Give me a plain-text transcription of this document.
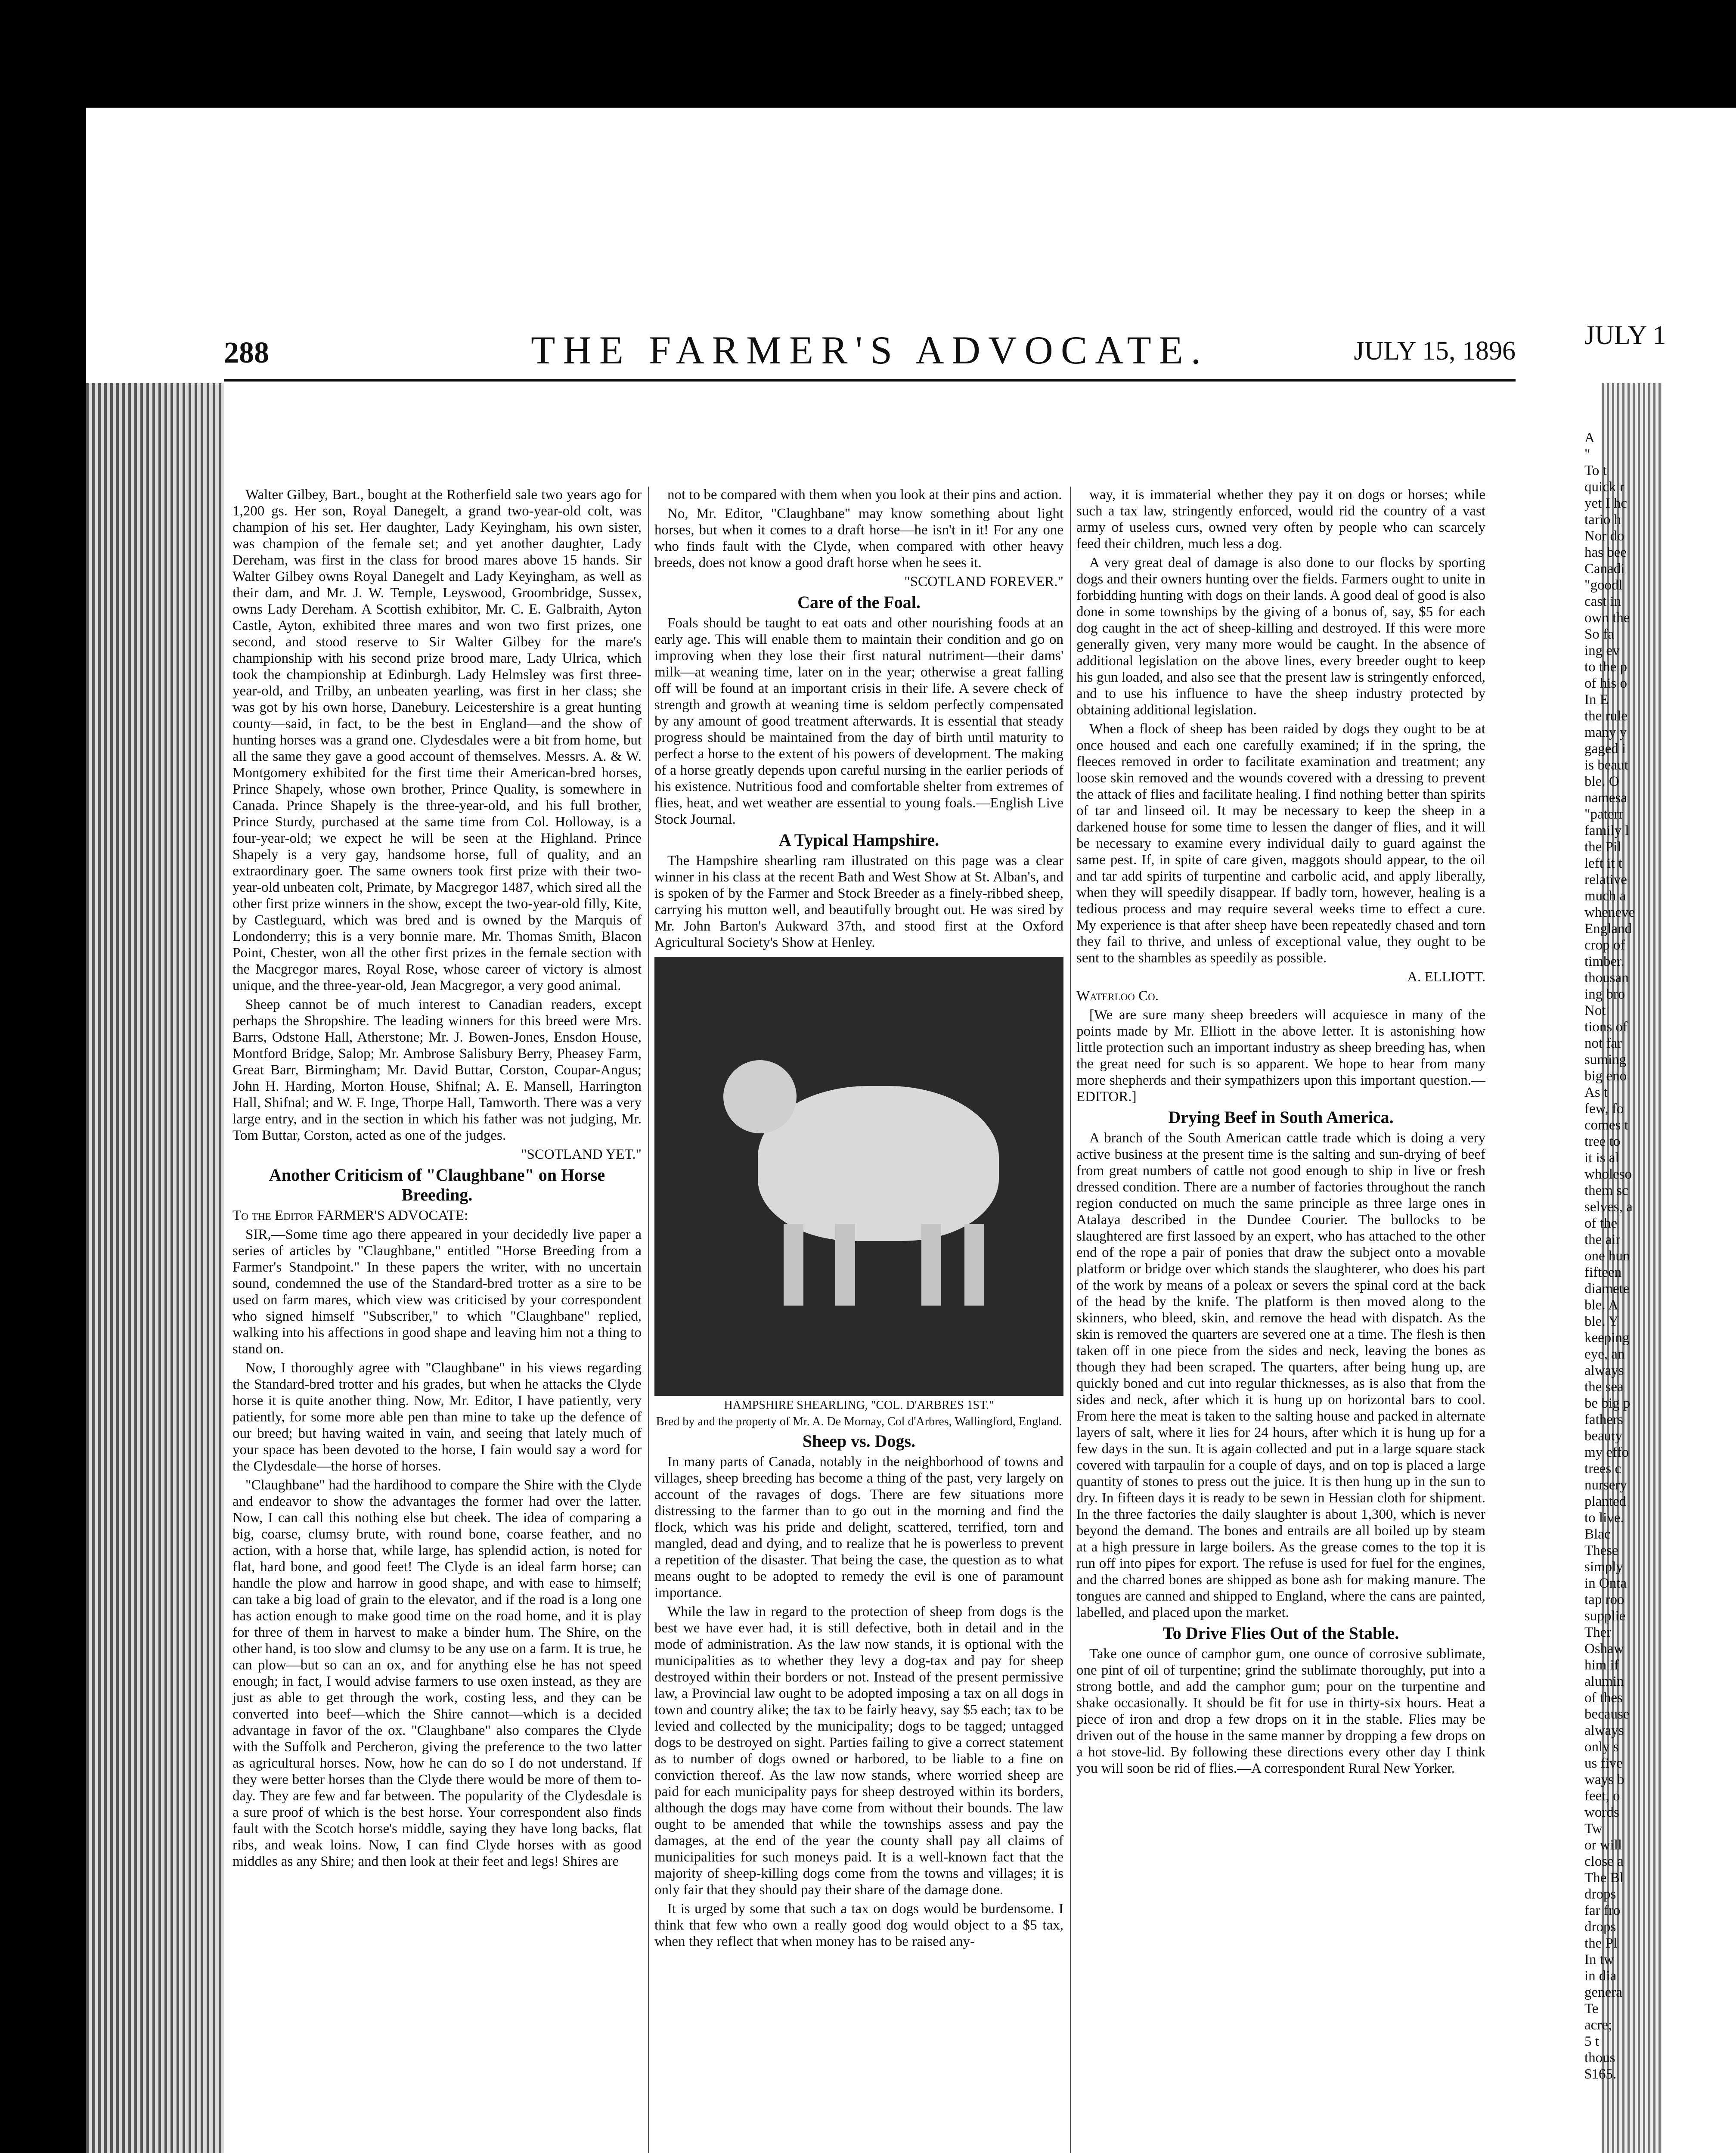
288	THE FARMER'S ADVOCATE.	JULY 15, 1896

Walter Gilbey, Bart., bought at the Rotherfield sale two years ago for 1,200 gs. Her son, Royal Danegelt, a grand two-year-old colt, was champion of his set. Her daughter, Lady Keyingham, his own sister, was champion of the female set; and yet another daughter, Lady Dereham, was first in the class for brood mares above 15 hands. Sir Walter Gilbey owns Royal Danegelt and Lady Keyingham, as well as their dam, and Mr. J. W. Temple, Leyswood, Groombridge, Sussex, owns Lady Dereham. A Scottish exhibitor, Mr. C. E. Galbraith, Ayton Castle, Ayton, exhibited three mares and won two first prizes, one second, and stood reserve to Sir Walter Gilbey for the mare's championship with his second prize brood mare, Lady Ulrica, which took the championship at Edinburgh. Lady Helmsley was first three-year-old, and Trilby, an unbeaten yearling, was first in her class; she was got by his own horse, Danebury. Leicestershire is a great hunting county—said, in fact, to be the best in England—and the show of hunting horses was a grand one. Clydesdales were a bit from home, but all the same they gave a good account of themselves. Messrs. A. & W. Montgomery exhibited for the first time their American-bred horses, Prince Shapely, whose own brother, Prince Quality, is somewhere in Canada. Prince Shapely is the three-year-old, and his full brother, Prince Sturdy, purchased at the same time from Col. Holloway, is a four-year-old; we expect he will be seen at the Highland. Prince Shapely is a very gay, handsome horse, full of quality, and an extraordinary goer. The same owners took first prize with their two-year-old unbeaten colt, Primate, by Macgregor 1487, which sired all the other first prize winners in the show, except the two-year-old filly, Kite, by Castleguard, which was bred and is owned by the Marquis of Londonderry; this is a very bonnie mare. Mr. Thomas Smith, Blacon Point, Chester, won all the other first prizes in the female section with the Macgregor mares, Royal Rose, whose career of victory is almost unique, and the three-year-old, Jean Macgregor, a very good animal.

Sheep cannot be of much interest to Canadian readers, except perhaps the Shropshire. The leading winners for this breed were Mrs. Barrs, Odstone Hall, Atherstone; Mr. J. Bowen-Jones, Ensdon House, Montford Bridge, Salop; Mr. Ambrose Salisbury Berry, Pheasey Farm, Great Barr, Birmingham; Mr. David Buttar, Corston, Coupar-Angus; John H. Harding, Morton House, Shifnal; A. E. Mansell, Harrington Hall, Shifnal; and W. F. Inge, Thorpe Hall, Tamworth. There was a very large entry, and in the section in which his father was not judging, Mr. Tom Buttar, Corston, acted as one of the judges.

"SCOTLAND YET."

Another Criticism of "Claughbane" on Horse Breeding.

To the Editor FARMER'S ADVOCATE:

SIR,—Some time ago there appeared in your decidedly live paper a series of articles by "Claughbane," entitled "Horse Breeding from a Farmer's Standpoint." In these papers the writer, with no uncertain sound, condemned the use of the Standard-bred trotter as a sire to be used on farm mares, which view was criticised by your correspondent who signed himself "Subscriber," to which "Claughbane" replied, walking into his affections in good shape and leaving him not a thing to stand on.

Now, I thoroughly agree with "Claughbane" in his views regarding the Standard-bred trotter and his grades, but when he attacks the Clyde horse it is quite another thing. Now, Mr. Editor, I have patiently, very patiently, for some more able pen than mine to take up the defence of our breed; but having waited in vain, and seeing that lately much of your space has been devoted to the horse, I fain would say a word for the Clydesdale—the horse of horses.

"Claughbane" had the hardihood to compare the Shire with the Clyde and endeavor to show the advantages the former had over the latter. Now, I can call this nothing else but cheek. The idea of comparing a big, coarse, clumsy brute, with round bone, coarse feather, and no action, with a horse that, while large, has splendid action, is noted for flat, hard bone, and good feet! The Clyde is an ideal farm horse; can handle the plow and harrow in good shape, and with ease to himself; can take a big load of grain to the elevator, and if the road is a long one has action enough to make good time on the road home, and it is play for three of them in harvest to make a binder hum. The Shire, on the other hand, is too slow and clumsy to be any use on a farm. It is true, he can plow—but so can an ox, and for anything else he has not speed enough; in fact, I would advise farmers to use oxen instead, as they are just as able to get through the work, costing less, and they can be converted into beef—which the Shire cannot—which is a decided advantage in favor of the ox. "Claughbane" also compares the Clyde with the Suffolk and Percheron, giving the preference to the two latter as agricultural horses. Now, how he can do so I do not understand. If they were better horses than the Clyde there would be more of them to-day. They are few and far between. The popularity of the Clydesdale is a sure proof of which is the best horse. Your correspondent also finds fault with the Scotch horse's middle, saying they have long backs, flat ribs, and weak loins. Now, I can find Clyde horses with as good middles as any Shire; and then look at their feet and legs! Shires are

not to be compared with them when you look at their pins and action.

No, Mr. Editor, "Claughbane" may know something about light horses, but when it comes to a draft horse—he isn't in it! For any one who finds fault with the Clyde, when compared with other heavy breeds, does not know a good draft horse when he sees it.

"SCOTLAND FOREVER."

Care of the Foal.

Foals should be taught to eat oats and other nourishing foods at an early age. This will enable them to maintain their condition and go on improving when they lose their first natural nutriment—their dams' milk—at weaning time, later on in the year; otherwise a great falling off will be found at an important crisis in their life. A severe check of strength and growth at weaning time is seldom perfectly compensated by any amount of good treatment afterwards. It is essential that steady progress should be maintained from the day of birth until maturity to perfect a horse to the extent of his powers of development. The making of a horse greatly depends upon careful nursing in the earlier periods of his existence. Nutritious food and comfortable shelter from extremes of flies, heat, and wet weather are essential to young foals.—English Live Stock Journal.

A Typical Hampshire.

The Hampshire shearling ram illustrated on this page was a clear winner in his class at the recent Bath and West Show at St. Alban's, and is spoken of by the Farmer and Stock Breeder as a finely-ribbed sheep, carrying his mutton well, and beautifully brought out. He was sired by Mr. John Barton's Aukward 37th, and stood first at the Oxford Agricultural Society's Show at Henley.

HAMPSHIRE SHEARLING, "COL. D'ARBRES 1ST."

Bred by and the property of Mr. A. De Mornay, Col d'Arbres, Wallingford, England.

Sheep vs. Dogs.

In many parts of Canada, notably in the neighborhood of towns and villages, sheep breeding has become a thing of the past, very largely on account of the ravages of dogs. There are few situations more distressing to the farmer than to go out in the morning and find the flock, which was his pride and delight, scattered, terrified, torn and mangled, dead and dying, and to realize that he is powerless to prevent a repetition of the disaster. That being the case, the question as to what means ought to be adopted to remedy the evil is one of paramount importance.

While the law in regard to the protection of sheep from dogs is the best we have ever had, it is still defective, both in detail and in the mode of administration. As the law now stands, it is optional with the municipalities as to whether they levy a dog-tax and pay for sheep destroyed within their borders or not. Instead of the present permissive law, a Provincial law ought to be adopted imposing a tax on all dogs in town and country alike; the tax to be fairly heavy, say $5 each; tax to be levied and collected by the municipality; dogs to be tagged; untagged dogs to be destroyed on sight. Parties failing to give a correct statement as to number of dogs owned or harbored, to be liable to a fine on conviction thereof. As the law now stands, where worried sheep are paid for each municipality pays for sheep destroyed within its borders, although the dogs may have come from without their bounds. The law ought to be amended that while the townships assess and pay the damages, at the end of the year the county shall pay all claims of municipalities for such moneys paid. It is a well-known fact that the majority of sheep-killing dogs come from the towns and villages; it is only fair that they should pay their share of the damage done.

It is urged by some that such a tax on dogs would be burdensome. I think that few who own a really good dog would object to a $5 tax, when they reflect that when money has to be raised any-

way, it is immaterial whether they pay it on dogs or horses; while such a tax law, stringently enforced, would rid the country of a vast army of useless curs, owned very often by people who can scarcely feed their children, much less a dog.

A very great deal of damage is also done to our flocks by sporting dogs and their owners hunting over the fields. Farmers ought to unite in forbidding hunting with dogs on their lands. A good deal of good is also done in some townships by the giving of a bonus of, say, $5 for each dog caught in the act of sheep-killing and destroyed. If this were more generally given, very many more would be caught. In the absence of additional legislation on the above lines, every breeder ought to keep his gun loaded, and also see that the present law is stringently enforced, and to use his influence to have the sheep industry protected by obtaining additional legislation.

When a flock of sheep has been raided by dogs they ought to be at once housed and each one carefully examined; if in the spring, the fleeces removed in order to facilitate examination and treatment; any loose skin removed and the wounds covered with a dressing to prevent the attack of flies and facilitate healing. I find nothing better than spirits of tar and linseed oil. It may be necessary to keep the sheep in a darkened house for some time to lessen the danger of flies, and it will be necessary to examine every individual daily to guard against the same pest. If, in spite of care given, maggots should appear, to the oil and tar add spirits of turpentine and carbolic acid, and apply liberally, when they will speedily disappear. If badly torn, however, healing is a tedious process and may require several weeks time to effect a cure. My experience is that after sheep have been repeatedly chased and torn they fail to thrive, and unless of exceptional value, they ought to be sent to the shambles as speedily as possible.

A. ELLIOTT.

Waterloo Co.

[We are sure many sheep breeders will acquiesce in many of the points made by Mr. Elliott in the above letter. It is astonishing how little protection such an important industry as sheep breeding has, when the great need for such is so apparent. We hope to hear from many more shepherds and their sympathizers upon this important question.—EDITOR.]

Drying Beef in South America.

A branch of the South American cattle trade which is doing a very active business at the present time is the salting and sun-drying of beef from great numbers of cattle not good enough to ship in live or fresh dressed condition. There are a number of factories throughout the ranch region conducted on much the same principle as three large ones in Atalaya described in the Dundee Courier. The bullocks to be slaughtered are first lassoed by an expert, who has attached to the other end of the rope a pair of ponies that draw the subject onto a movable platform or bridge over which stands the slaughterer, who does his part of the work by means of a poleax or severs the spinal cord at the back of the head by the knife. The platform is then moved along to the skinners, who bleed, skin, and remove the head with dispatch. As the skin is removed the quarters are severed one at a time. The flesh is then taken off in one piece from the sides and neck, leaving the bones as though they had been scraped. The quarters, after being hung up, are quickly boned and cut into regular thicknesses, as is also that from the sides and neck, after which it is hung up on horizontal bars to cool. From here the meat is taken to the salting house and packed in alternate layers of salt, where it lies for 24 hours, after which it is hung up for a few days in the sun. It is again collected and put in a large square stack covered with tarpaulin for a couple of days, and on top is placed a large quantity of stones to press out the juice. It is then hung up in the sun to dry. In fifteen days it is ready to be sewn in Hessian cloth for shipment. In the three factories the daily slaughter is about 1,300, which is never beyond the demand. The bones and entrails are all boiled up by steam at a high pressure in large boilers. As the grease comes to the top it is run off into pipes for export. The refuse is used for fuel for the engines, and the charred bones are shipped as bone ash for making manure. The tongues are canned and shipped to England, where the cans are painted, labelled, and placed upon the market.

To Drive Flies Out of the Stable.

Take one ounce of camphor gum, one ounce of corrosive sublimate, one pint of oil of turpentine; grind the sublimate thoroughly, put into a strong bottle, and add the camphor gum; pour on the turpentine and shake occasionally. It should be fit for use in thirty-six hours. Heat a piece of iron and drop a few drops on it in the stable. Flies may be driven out of the house in the same manner by dropping a few drops on a hot stove-lid. By following these directions every other day I think you will soon be rid of flies.—A correspondent Rural New Yorker.

JULY 1
A
"
To t
quick r
yet I hc
tario h
Nor do
has bee
Canadi
"goodl
cast in
own the
So fa
ing ev
to the p
of his o
In E
the rule
many y
gaged i
is beaut
ble. O
namesa
"paterr
family l
the Pil
left it t
relative
much a
wheneve
England
crop of
timber.
thousan
ing bro
Not
tions of
not far
suming
big eno
As t
few, fo
comes t
tree to
it is al
wholeso
them sc
selves, a
of the
the air
one hun
fifteen
diamete
ble. A
ble. Y
keeping
eye, an
always
the sea
be big p
fathers
beauty
my effo
trees c
nursery
planted
to live.
Blac
These
simply
in Onta
tap roo
supplie
Ther
Oshaw
him if
alumin
of thes
because
always
only s
us five
ways b
feet, o
words
Tw
or will
close a
The Bl
drops
far fro
drops
the Pl
In tw
in dia
genera
Te
acre;
5 t
thous
$165.
